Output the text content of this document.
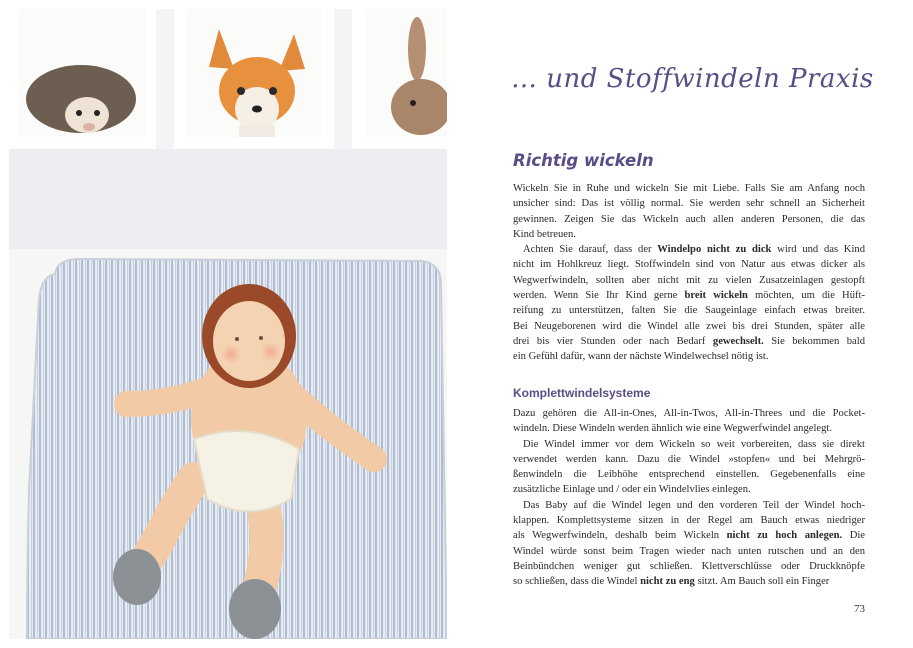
… und Stoffwindeln Praxis
Richtig wickeln
Wickeln Sie in Ruhe und wickeln Sie mit Liebe. Falls Sie am Anfang noch
unsicher sind: Das ist völlig normal. Sie werden sehr schnell an Sicherheit
gewinnen. Zeigen Sie das Wickeln auch allen anderen Personen, die das
Kind betreuen.
Achten Sie darauf, dass der Windelpo nicht zu dick wird und das Kind
nicht im Hohlkreuz liegt. Stoffwindeln sind von Natur aus etwas dicker als
Wegwerfwindeln, sollten aber nicht mit zu vielen Zusatzeinlagen gestopft
werden. Wenn Sie Ihr Kind gerne breit wickeln möchten, um die Hüft-
reifung zu unterstützen, falten Sie die Saugeinlage einfach etwas breiter.
Bei Neugeborenen wird die Windel alle zwei bis drei Stunden, später alle
drei bis vier Stunden oder nach Bedarf gewechselt. Sie bekommen bald
ein Gefühl dafür, wann der nächste Windelwechsel nötig ist.
Komplettwindelsysteme
Dazu gehören die All-in-Ones, All-in-Twos, All-in-Threes und die Pocket-
windeln. Diese Windeln werden ähnlich wie eine Wegwerfwindel angelegt.
Die Windel immer vor dem Wickeln so weit vorbereiten, dass sie direkt
verwendet werden kann. Dazu die Windel »stopfen« und bei Mehrgrö-
ßenwindeln die Leibhöhe entsprechend einstellen. Gegebenenfalls eine
zusätzliche Einlage und / oder ein Windelvlies einlegen.
Das Baby auf die Windel legen und den vorderen Teil der Windel hoch-
klappen. Komplettsysteme sitzen in der Regel am Bauch etwas niedriger
als Wegwerfwindeln, deshalb beim Wickeln nicht zu hoch anlegen. Die
Windel würde sonst beim Tragen wieder nach unten rutschen und an den
Beinbündchen weniger gut schließen. Klettverschlüsse oder Druckknöpfe
so schließen, dass die Windel nicht zu eng sitzt. Am Bauch soll ein Finger
73
